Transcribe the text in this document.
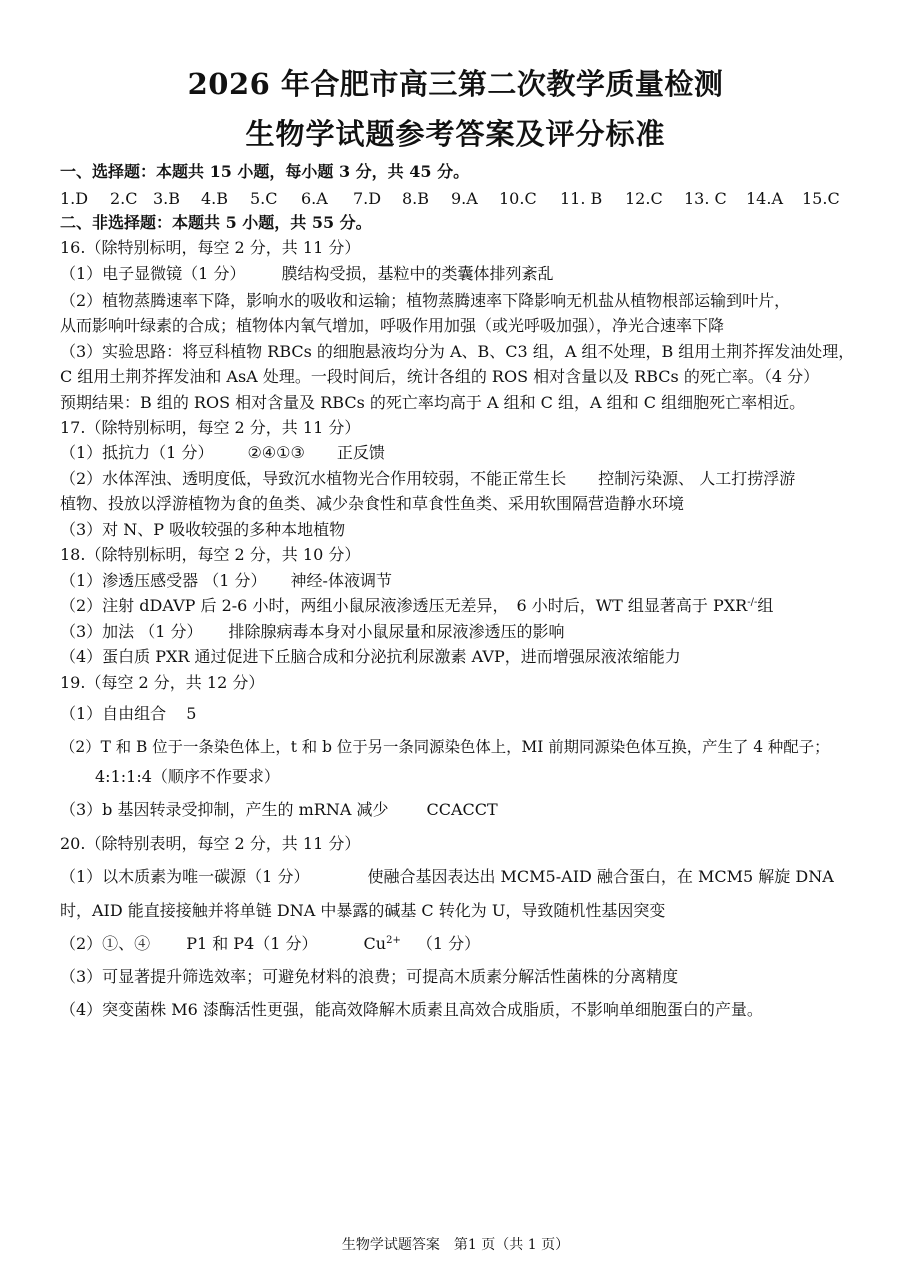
2026 年合肥市高三第二次教学质量检测
生物学试题参考答案及评分标准
一、选择题：本题共 15 小题，每小题 3 分，共 45 分。
1.D 2.C 3.B 4.B 5.C 6.A 7.D 8.B 9.A 10.C 11. B 12.C 13. C 14.A 15.C
二、非选择题：本题共 5 小题，共 55 分。
16.（除特别标明，每空 2 分，共 11 分）
（1）电子显微镜（1 分） 膜结构受损，基粒中的类囊体排列紊乱
（2）植物蒸腾速率下降，影响水的吸收和运输；植物蒸腾速率下降影响无机盐从植物根部运输到叶片，
从而影响叶绿素的合成；植物体内氧气增加，呼吸作用加强（或光呼吸加强），净光合速率下降
（3）实验思路：将豆科植物 RBCs 的细胞悬液均分为 A、B、C3 组，A 组不处理，B 组用土荆芥挥发油处理，
C 组用土荆芥挥发油和 AsA 处理。一段时间后，统计各组的 ROS 相对含量以及 RBCs 的死亡率。（4 分）
预期结果：B 组的 ROS 相对含量及 RBCs 的死亡率均高于 A 组和 C 组，A 组和 C 组细胞死亡率相近。
17.（除特别标明，每空 2 分，共 11 分）
（1）抵抗力（1 分） ②④①③ 正反馈
（2）水体浑浊、透明度低，导致沉水植物光合作用较弱，不能正常生长　　控制污染源、 人工打捞浮游
植物、投放以浮游植物为食的鱼类、减少杂食性和草食性鱼类、采用软围隔营造静水环境
（3）对 N、P 吸收较强的多种本地植物
18.（除特别标明，每空 2 分，共 10 分）
（1）渗透压感受器 （1 分） 神经-体液调节
（2）注射 dDAVP 后 2-6 小时，两组小鼠尿液渗透压无差异，　6 小时后，WT 组显著高于 PXR-/-组
（3）加法 （1 分） 排除腺病毒本身对小鼠尿量和尿液渗透压的影响
（4）蛋白质 PXR 通过促进下丘脑合成和分泌抗利尿激素 AVP，进而增强尿液浓缩能力
19.（每空 2 分，共 12 分）
（1）自由组合 5
（2）T 和 B 位于一条染色体上，t 和 b 位于另一条同源染色体上，MI 前期同源染色体互换，产生了 4 种配子；
4:1:1:4（顺序不作要求）
（3）b 基因转录受抑制，产生的 mRNA 减少 CCACCT
20.（除特别表明，每空 2 分，共 11 分）
（1）以木质素为唯一碳源（1 分）	使融合基因表达出 MCM5-AID 融合蛋白，在 MCM5 解旋 DNA
时，AID 能直接接触并将单链 DNA 中暴露的碱基 C 转化为 U，导致随机性基因突变
（2）①、④ P1 和 P4（1 分）	$Cu^{2+}$ （1 分）
（3）可显著提升筛选效率；可避免材料的浪费；可提高木质素分解活性菌株的分离精度
（4）突变菌株 M6 漆酶活性更强，能高效降解木质素且高效合成脂质，不影响单细胞蛋白的产量。
生物学试题答案　第1 页（共 1 页）
